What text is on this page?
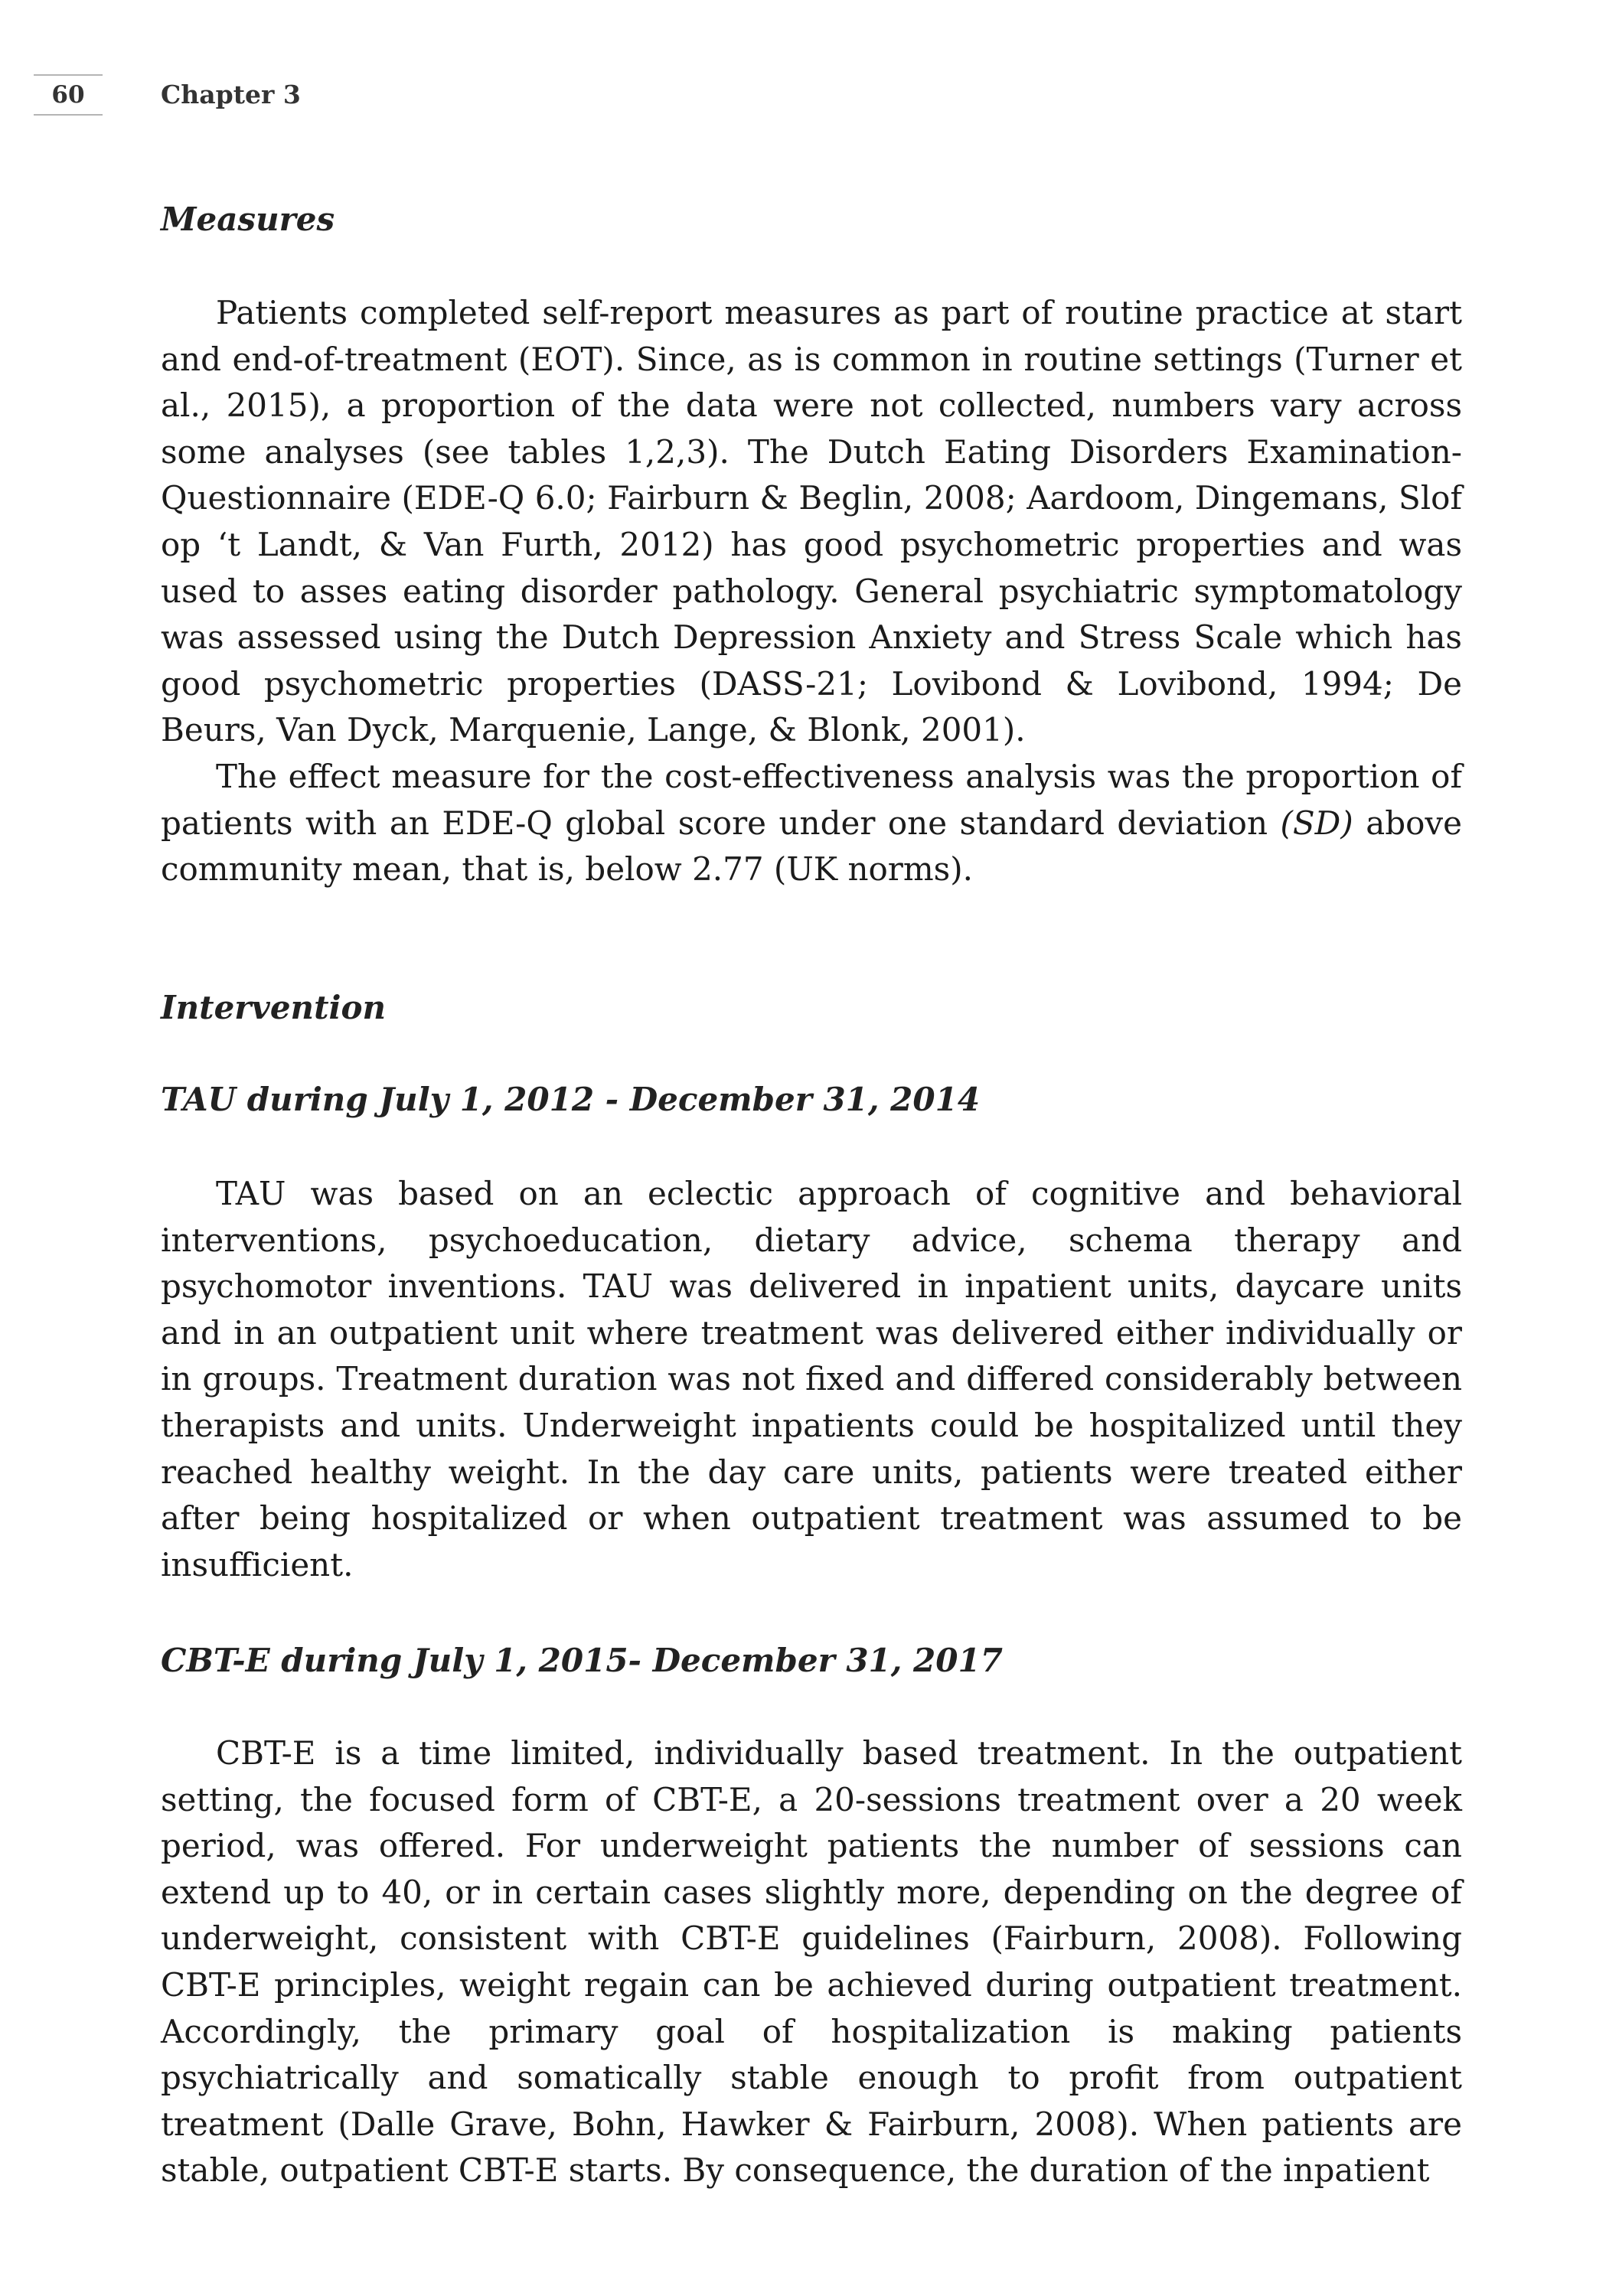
60	Chapter 3
Measures

Patients completed self-report measures as part of routine practice at start and end-of-treatment (EOT). Since, as is common in routine settings (Turner et al., 2015), a proportion of the data were not collected, numbers vary across some analyses (see tables 1,2,3). The Dutch Eating Disorders Examination-Questionnaire (EDE-Q 6.0; Fairburn & Beglin, 2008; Aardoom, Dingemans, Slof op ‘t Landt, & Van Furth, 2012) has good psychometric properties and was used to asses eating disorder pathology. General psychiatric symptomatology was assessed using the Dutch Depression Anxiety and Stress Scale which has good psychometric properties (DASS-21; Lovibond & Lovibond, 1994; De Beurs, Van Dyck, Marquenie, Lange, & Blonk, 2001).

The effect measure for the cost-effectiveness analysis was the proportion of patients with an EDE-Q global score under one standard deviation (SD) above community mean, that is, below 2.77 (UK norms).

Intervention
TAU during July 1, 2012 - December 31, 2014

TAU was based on an eclectic approach of cognitive and behavioral interventions, psychoeducation, dietary advice, schema therapy and psychomotor inventions. TAU was delivered in inpatient units, daycare units and in an outpatient unit where treatment was delivered either individually or in groups. Treatment duration was not fixed and differed considerably between therapists and units. Underweight inpatients could be hospitalized until they reached healthy weight. In the day care units, patients were treated either after being hospitalized or when outpatient treatment was assumed to be insufficient.

CBT-E during July 1, 2015- December 31, 2017

CBT-E is a time limited, individually based treatment. In the outpatient setting, the focused form of CBT-E, a 20-sessions treatment over a 20 week period, was offered. For underweight patients the number of sessions can extend up to 40, or in certain cases slightly more, depending on the degree of underweight, consistent with CBT-E guidelines (Fairburn, 2008). Following CBT-E principles, weight regain can be achieved during outpatient treatment. Accordingly, the primary goal of hospitalization is making patients psychiatrically and somatically stable enough to profit from outpatient treatment (Dalle Grave, Bohn, Hawker & Fairburn, 2008). When patients are stable, outpatient CBT-E starts. By consequence, the duration of the inpatient
